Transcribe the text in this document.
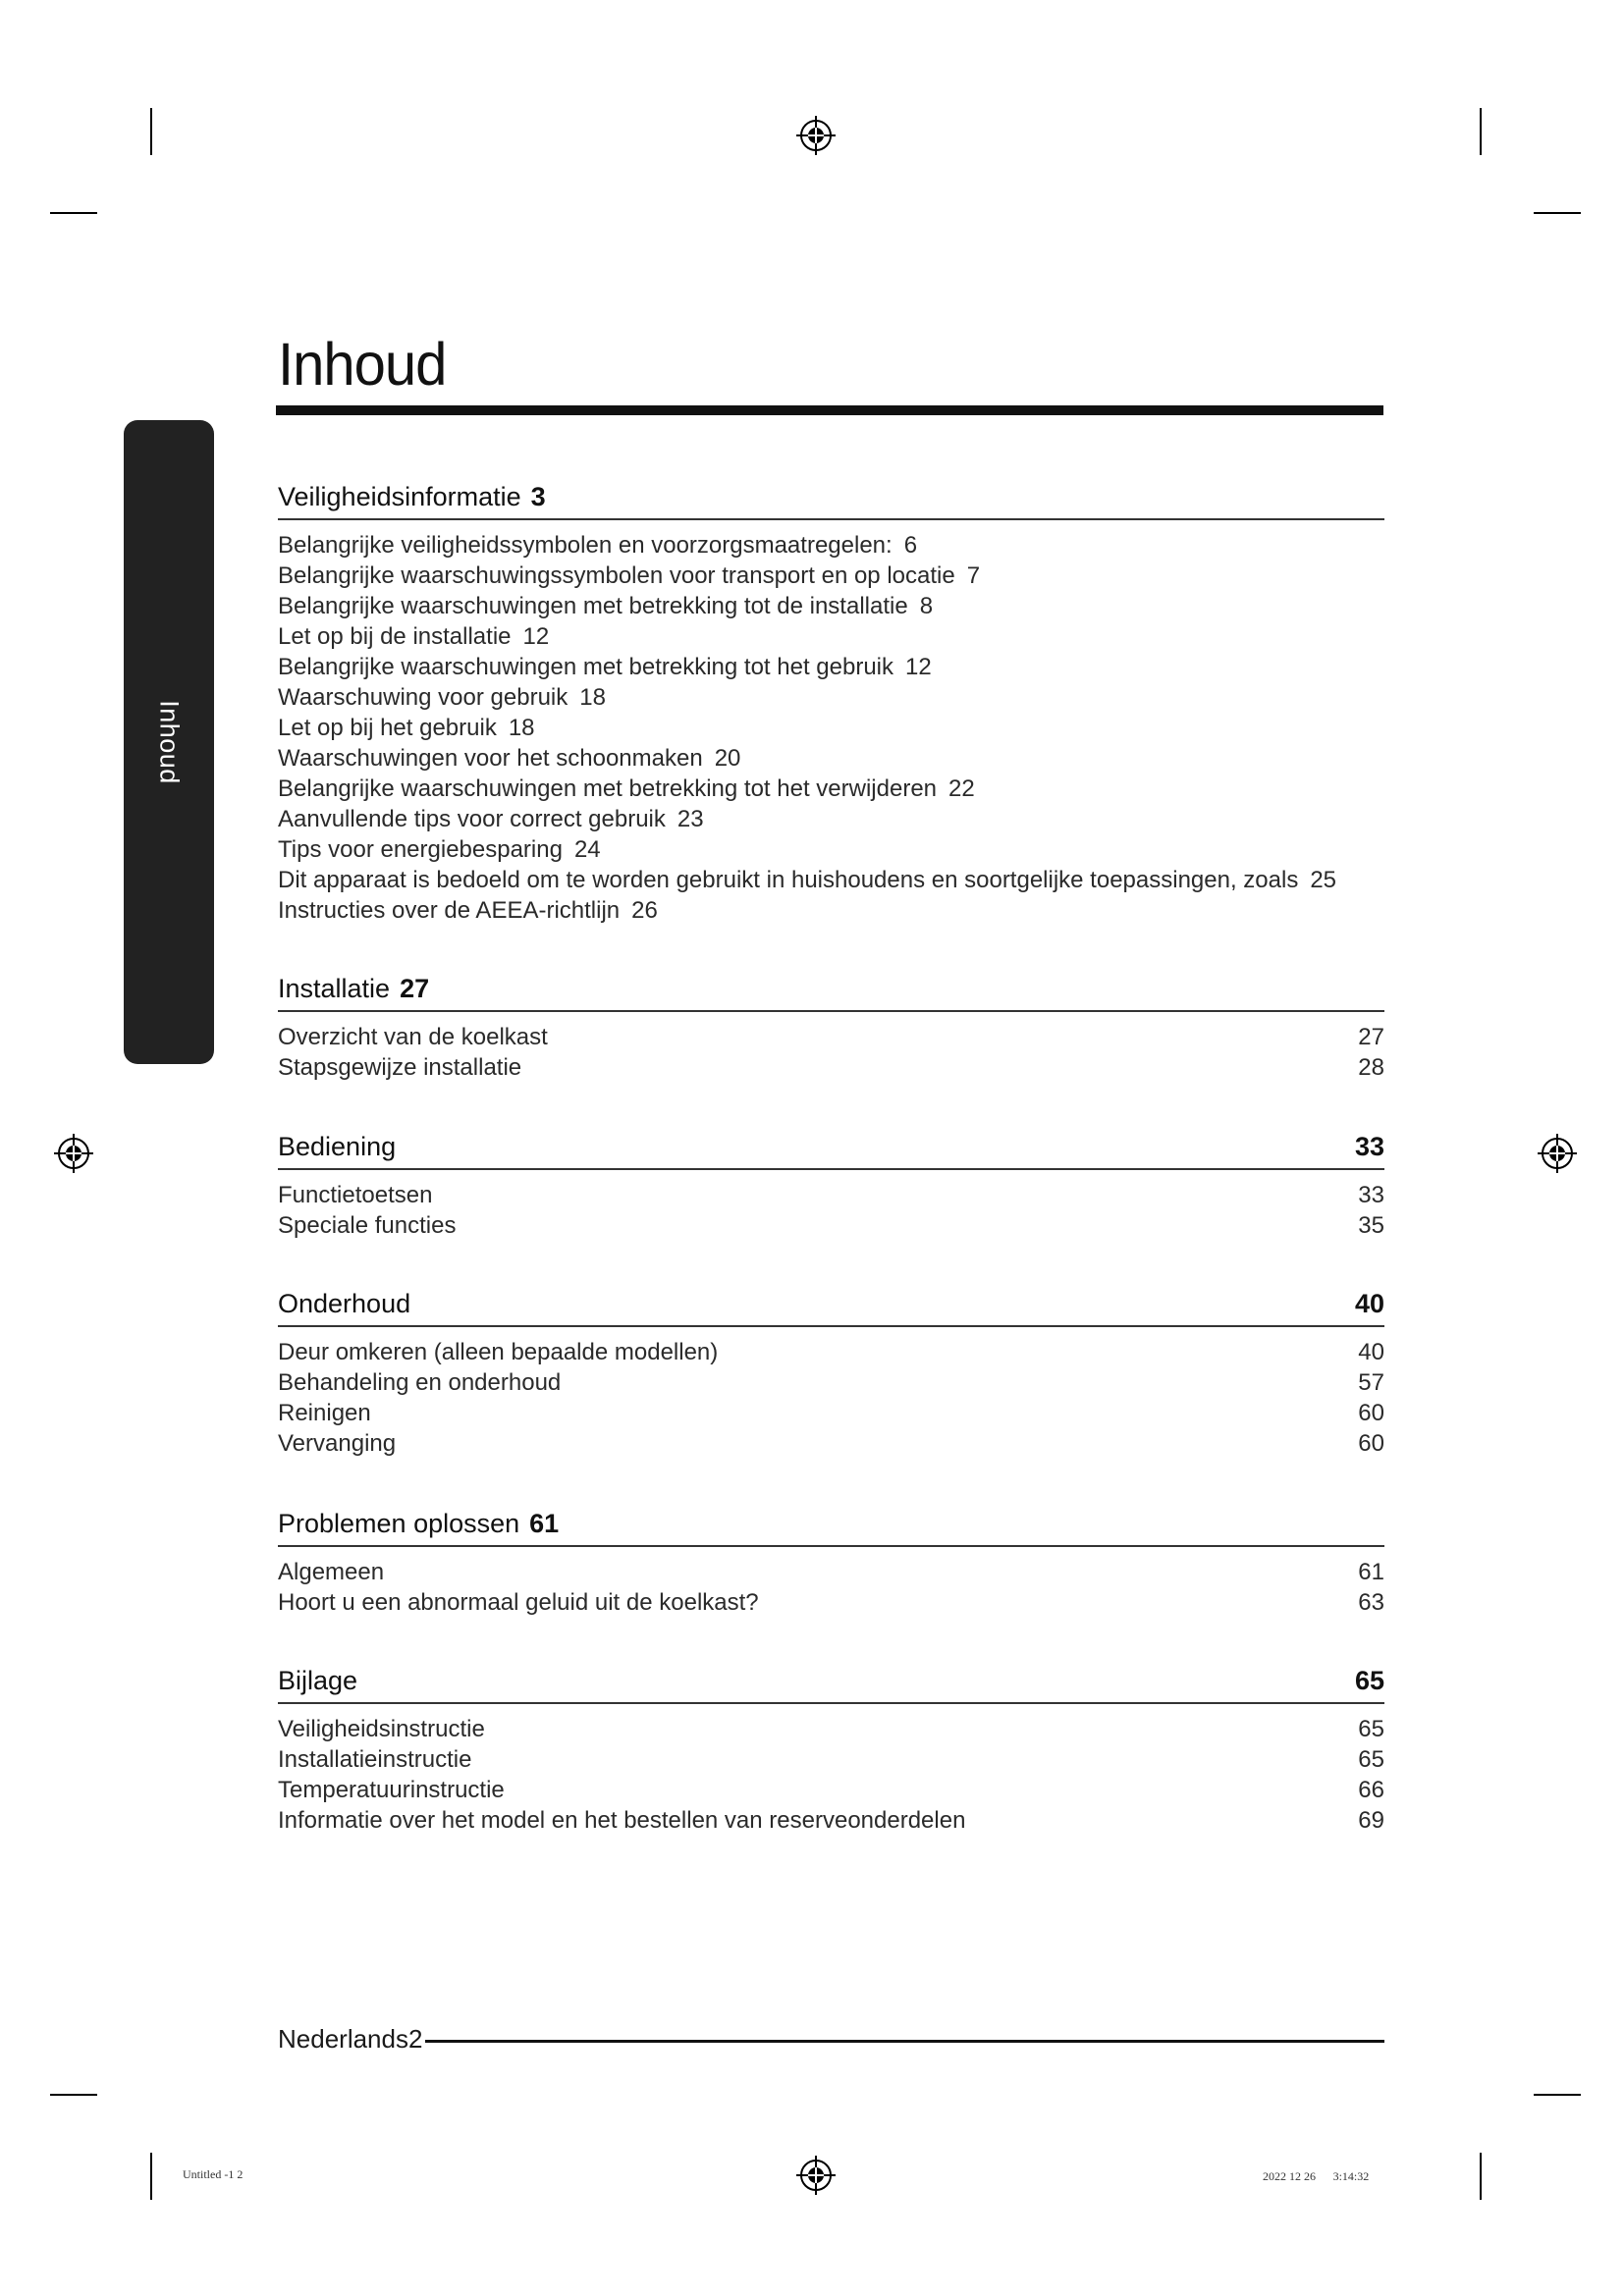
Inhoud
Inhoud
Veiligheidsinformatie 3
Belangrijke veiligheidssymbolen en voorzorgsmaatregelen: 6
Belangrijke waarschuwingssymbolen voor transport en op locatie 7
Belangrijke waarschuwingen met betrekking tot de installatie 8
Let op bij de installatie 12
Belangrijke waarschuwingen met betrekking tot het gebruik 12
Waarschuwing voor gebruik 18
Let op bij het gebruik 18
Waarschuwingen voor het schoonmaken 20
Belangrijke waarschuwingen met betrekking tot het verwijderen 22
Aanvullende tips voor correct gebruik 23
Tips voor energiebesparing 24
Dit apparaat is bedoeld om te worden gebruikt in huishoudens en soortgelijke toepassingen, zoals 25
Instructies over de AEEA-richtlijn 26
Installatie 27
Overzicht van de koelkast	27
Stapsgewijze installatie	28
Bediening	33
Functietoetsen	33
Speciale functies	35
Onderhoud	40
Deur omkeren (alleen bepaalde modellen)	40
Behandeling en onderhoud	57
Reinigen	60
Vervanging	60
Problemen oplossen 61
Algemeen	61
Hoort u een abnormaal geluid uit de koelkast?	63
Bijlage	65
Veiligheidsinstructie	65
Installatieinstructie	65
Temperatuurinstructie	66
Informatie over het model en het bestellen van reserveonderdelen	69
Nederlands2
Untitled -1 2	2022 12 26 ㅤ 3:14:32
